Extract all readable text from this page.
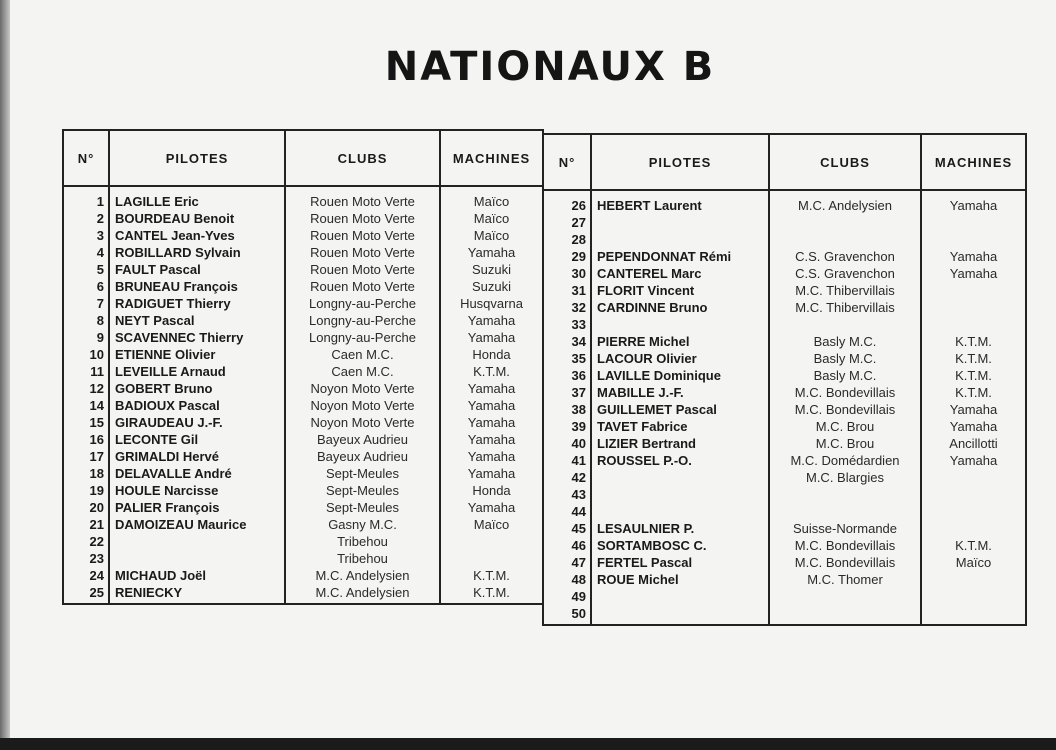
NATIONAUX B
N°	PILOTES	CLUBS	MACHINES
1	LAGILLE Eric	Rouen Moto Verte	Maïco
2	BOURDEAU Benoit	Rouen Moto Verte	Maïco
3	CANTEL Jean-Yves	Rouen Moto Verte	Maïco
4	ROBILLARD Sylvain	Rouen Moto Verte	Yamaha
5	FAULT Pascal	Rouen Moto Verte	Suzuki
6	BRUNEAU François	Rouen Moto Verte	Suzuki
7	RADIGUET Thierry	Longny-au-Perche	Husqvarna
8	NEYT Pascal	Longny-au-Perche	Yamaha
9	SCAVENNEC Thierry	Longny-au-Perche	Yamaha
10	ETIENNE Olivier	Caen M.C.	Honda
11	LEVEILLE Arnaud	Caen M.C.	K.T.M.
12	GOBERT Bruno	Noyon Moto Verte	Yamaha
14	BADIOUX Pascal	Noyon Moto Verte	Yamaha
15	GIRAUDEAU J.-F.	Noyon Moto Verte	Yamaha
16	LECONTE Gil	Bayeux Audrieu	Yamaha
17	GRIMALDI Hervé	Bayeux Audrieu	Yamaha
18	DELAVALLE André	Sept-Meules	Yamaha
19	HOULE Narcisse	Sept-Meules	Honda
20	PALIER François	Sept-Meules	Yamaha
21	DAMOIZEAU Maurice	Gasny M.C.	Maïco
22		Tribehou	
23		Tribehou	
24	MICHAUD Joël	M.C. Andelysien	K.T.M.
25	RENIECKY	M.C. Andelysien	K.T.M.
N°	PILOTES	CLUBS	MACHINES
26	HEBERT Laurent	M.C. Andelysien	Yamaha
27			
28			
29	PEPENDONNAT Rémi	C.S. Gravenchon	Yamaha
30	CANTEREL Marc	C.S. Gravenchon	Yamaha
31	FLORIT Vincent	M.C. Thibervillais	
32	CARDINNE Bruno	M.C. Thibervillais	
33			
34	PIERRE Michel	Basly M.C.	K.T.M.
35	LACOUR Olivier	Basly M.C.	K.T.M.
36	LAVILLE Dominique	Basly M.C.	K.T.M.
37	MABILLE J.-F.	M.C. Bondevillais	K.T.M.
38	GUILLEMET Pascal	M.C. Bondevillais	Yamaha
39	TAVET Fabrice	M.C. Brou	Yamaha
40	LIZIER Bertrand	M.C. Brou	Ancillotti
41	ROUSSEL P.-O.	M.C. Domédardien	Yamaha
42		M.C. Blargies	
43			
44			
45	LESAULNIER P.	Suisse-Normande	
46	SORTAMBOSC C.	M.C. Bondevillais	K.T.M.
47	FERTEL Pascal	M.C. Bondevillais	Maïco
48	ROUE Michel	M.C. Thomer	
49			
50			
